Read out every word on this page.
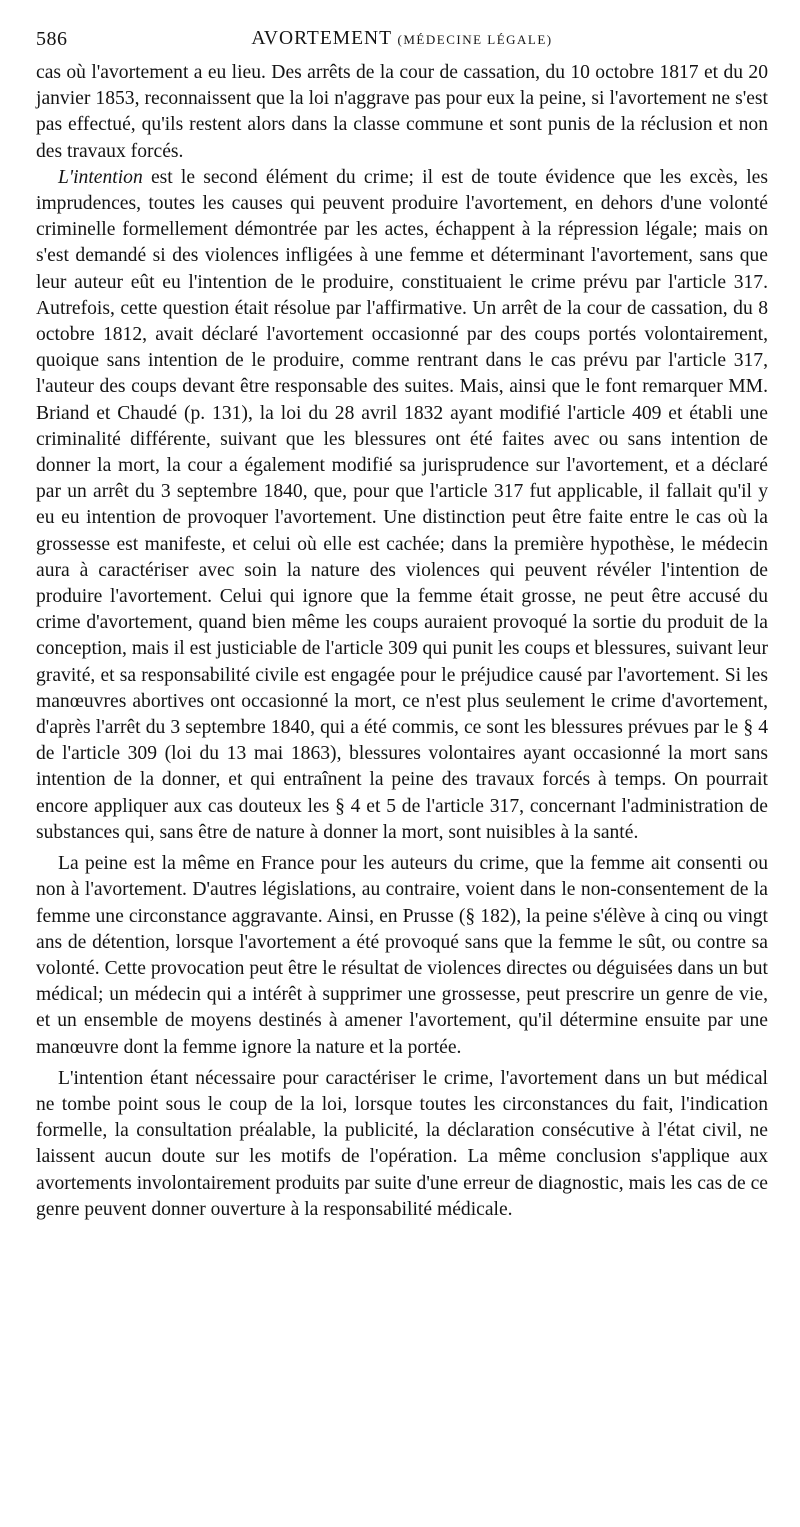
586	AVORTEMENT (MÉDECINE LÉGALE)

cas où l'avortement a eu lieu. Des arrêts de la cour de cassation, du 10 octobre 1817 et du 20 janvier 1853, reconnaissent que la loi n'aggrave pas pour eux la peine, si l'avortement ne s'est pas effectué, qu'ils restent alors dans la classe commune et sont punis de la réclusion et non des travaux forcés.

L'intention est le second élément du crime; il est de toute évidence que les excès, les imprudences, toutes les causes qui peuvent produire l'avortement, en dehors d'une volonté criminelle formellement démontrée par les actes, échappent à la répression légale; mais on s'est demandé si des violences infligées à une femme et déterminant l'avortement, sans que leur auteur eût eu l'intention de le produire, constituaient le crime prévu par l'article 317. Autrefois, cette question était résolue par l'affirmative. Un arrêt de la cour de cassation, du 8 octobre 1812, avait déclaré l'avortement occasionné par des coups portés volontairement, quoique sans intention de le produire, comme rentrant dans le cas prévu par l'article 317, l'auteur des coups devant être responsable des suites. Mais, ainsi que le font remarquer MM. Briand et Chaudé (p. 131), la loi du 28 avril 1832 ayant modifié l'article 409 et établi une criminalité différente, suivant que les blessures ont été faites avec ou sans intention de donner la mort, la cour a également modifié sa jurisprudence sur l'avortement, et a déclaré par un arrêt du 3 septembre 1840, que, pour que l'article 317 fut applicable, il fallait qu'il y eu eu intention de provoquer l'avortement. Une distinction peut être faite entre le cas où la grossesse est manifeste, et celui où elle est cachée; dans la première hypothèse, le médecin aura à caractériser avec soin la nature des violences qui peuvent révéler l'intention de produire l'avortement. Celui qui ignore que la femme était grosse, ne peut être accusé du crime d'avortement, quand bien même les coups auraient provoqué la sortie du produit de la conception, mais il est justiciable de l'article 309 qui punit les coups et blessures, suivant leur gravité, et sa responsabilité civile est engagée pour le préjudice causé par l'avortement. Si les manœuvres abortives ont occasionné la mort, ce n'est plus seulement le crime d'avortement, d'après l'arrêt du 3 septembre 1840, qui a été commis, ce sont les blessures prévues par le § 4 de l'article 309 (loi du 13 mai 1863), blessures volontaires ayant occasionné la mort sans intention de la donner, et qui entraînent la peine des travaux forcés à temps. On pourrait encore appliquer aux cas douteux les § 4 et 5 de l'article 317, concernant l'administration de substances qui, sans être de nature à donner la mort, sont nuisibles à la santé.

La peine est la même en France pour les auteurs du crime, que la femme ait consenti ou non à l'avortement. D'autres législations, au contraire, voient dans le non-consentement de la femme une circonstance aggravante. Ainsi, en Prusse (§ 182), la peine s'élève à cinq ou vingt ans de détention, lorsque l'avortement a été provoqué sans que la femme le sût, ou contre sa volonté. Cette provocation peut être le résultat de violences directes ou déguisées dans un but médical; un médecin qui a intérêt à supprimer une grossesse, peut prescrire un genre de vie, et un ensemble de moyens destinés à amener l'avortement, qu'il détermine ensuite par une manœuvre dont la femme ignore la nature et la portée.

L'intention étant nécessaire pour caractériser le crime, l'avortement dans un but médical ne tombe point sous le coup de la loi, lorsque toutes les circonstances du fait, l'indication formelle, la consultation préalable, la publicité, la déclaration consécutive à l'état civil, ne laissent aucun doute sur les motifs de l'opération. La même conclusion s'applique aux avortements involontairement produits par suite d'une erreur de diagnostic, mais les cas de ce genre peuvent donner ouverture à la responsabilité médicale.
